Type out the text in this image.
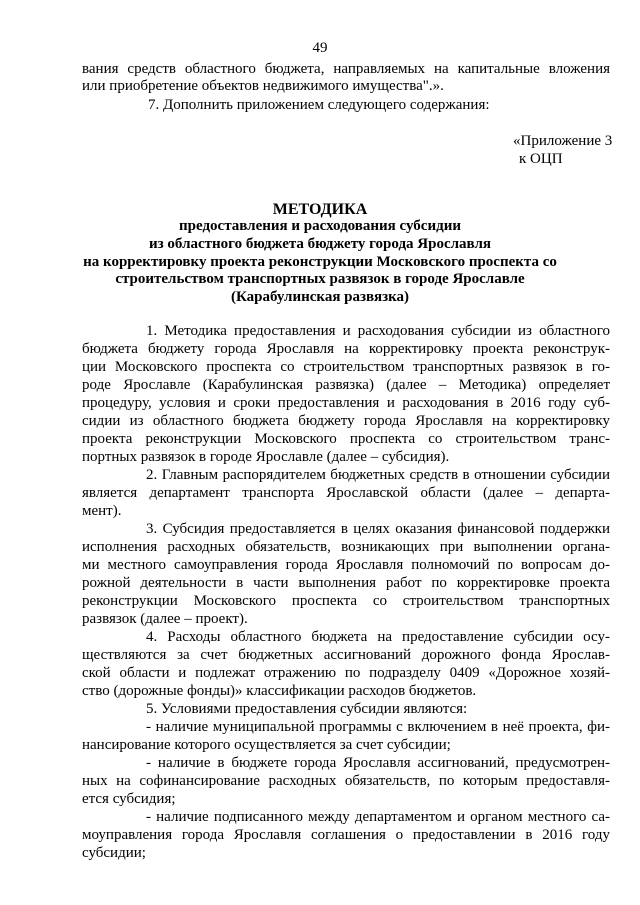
49
вания средств областного бюджета, направляемых на капитальные вложения
или приобретение объектов недвижимого имущества".».
7. Дополнить приложением следующего содержания:
«Приложение 3
к ОЦП
МЕТОДИКА
предоставления и расходования субсидии
из областного бюджета бюджету города Ярославля
на корректировку проекта реконструкции Московского проспекта со
строительством транспортных развязок в городе Ярославле
(Карабулинская развязка)
1. Методика предоставления и расходования субсидии из областного
бюджета бюджету города Ярославля на корректировку проекта реконструк-
ции Московского проспекта со строительством транспортных развязок в го-
роде Ярославле (Карабулинская развязка) (далее – Методика) определяет
процедуру, условия и сроки предоставления и расходования в 2016 году суб-
сидии из областного бюджета бюджету города Ярославля на корректировку
проекта реконструкции Московского проспекта со строительством транс-
портных развязок в городе Ярославле (далее – субсидия).
2. Главным распорядителем бюджетных средств в отношении субсидии
является департамент транспорта Ярославской области (далее – департа-
мент).
3. Субсидия предоставляется в целях оказания финансовой поддержки
исполнения расходных обязательств, возникающих при выполнении органа-
ми местного самоуправления города Ярославля полномочий по вопросам до-
рожной деятельности в части выполнения работ по корректировке проекта
реконструкции Московского проспекта со строительством транспортных
развязок (далее – проект).
4. Расходы областного бюджета на предоставление субсидии осу-
ществляются за счет бюджетных ассигнований дорожного фонда Ярослав-
ской области и подлежат отражению по подразделу 0409 «Дорожное хозяй-
ство (дорожные фонды)» классификации расходов бюджетов.
5. Условиями предоставления субсидии являются:
- наличие муниципальной программы с включением в неё проекта, фи-
нансирование которого осуществляется за счет субсидии;
- наличие в бюджете города Ярославля ассигнований, предусмотрен-
ных на софинансирование расходных обязательств, по которым предоставля-
ется субсидия;
- наличие подписанного между департаментом и органом местного са-
моуправления города Ярославля соглашения о предоставлении в 2016 году
субсидии;
